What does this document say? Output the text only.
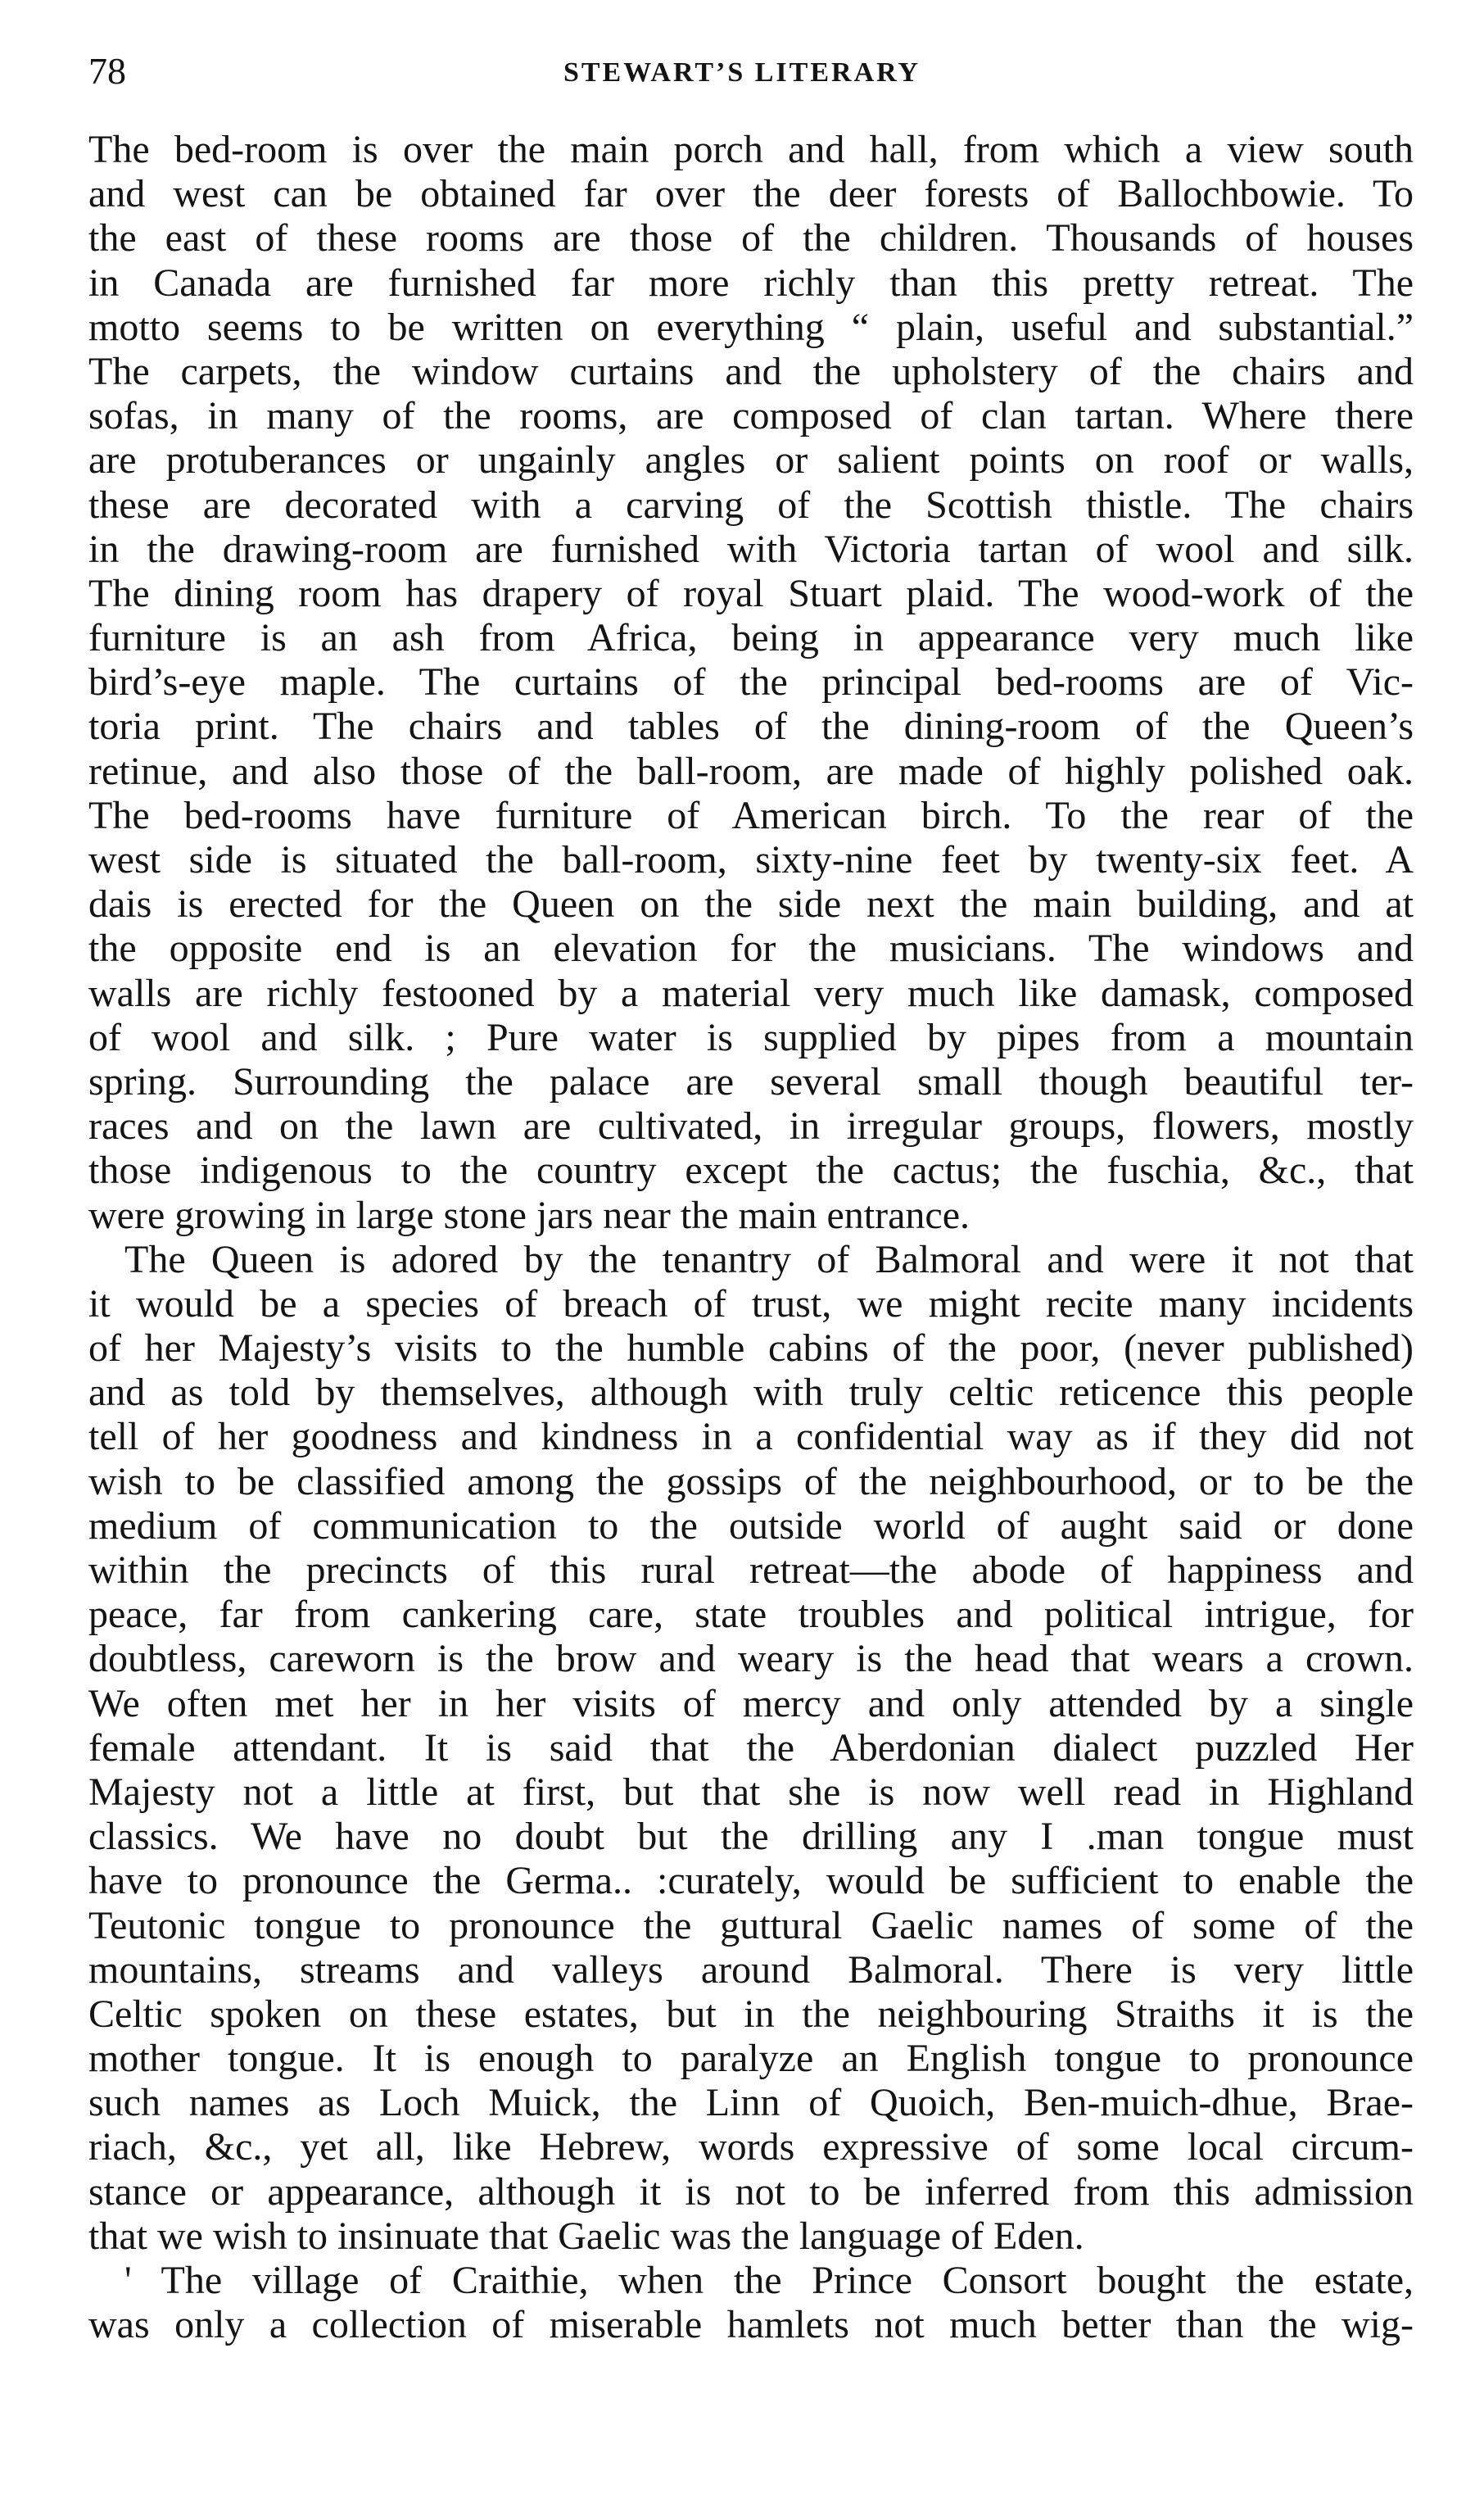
78	STEWART’S LITERARY
The bed-room is over the main porch and hall, from which a view south
and west can be obtained far over the deer forests of Ballochbowie. To
the east of these rooms are those of the children. Thousands of houses
in Canada are furnished far more richly than this pretty retreat. The
motto seems to be written on everything “ plain, useful and substantial.”
The carpets, the window curtains and the upholstery of the chairs and
sofas, in many of the rooms, are composed of clan tartan. Where there
are protuberances or ungainly angles or salient points on roof or walls,
these are decorated with a carving of the Scottish thistle. The chairs
in the drawing-room are furnished with Victoria tartan of wool and silk.
The dining room has drapery of royal Stuart plaid. The wood-work of the
furniture is an ash from Africa, being in appearance very much like
bird’s-eye maple. The curtains of the principal bed-rooms are of Vic-
toria print. The chairs and tables of the dining-room of the Queen’s
retinue, and also those of the ball-room, are made of highly polished oak.
The bed-rooms have furniture of American birch. To the rear of the
west side is situated the ball-room, sixty-nine feet by twenty-six feet. A
dais is erected for the Queen on the side next the main building, and at
the opposite end is an elevation for the musicians. The windows and
walls are richly festooned by a material very much like damask, composed
of wool and silk. ; Pure water is supplied by pipes from a mountain
spring. Surrounding the palace are several small though beautiful ter-
races and on the lawn are cultivated, in irregular groups, flowers, mostly
those indigenous to the country except the cactus; the fuschia, &c., that
were growing in large stone jars near the main entrance.
The Queen is adored by the tenantry of Balmoral and were it not that
it would be a species of breach of trust, we might recite many incidents
of her Majesty’s visits to the humble cabins of the poor, (never published)
and as told by themselves, although with truly celtic reticence this people
tell of her goodness and kindness in a confidential way as if they did not
wish to be classified among the gossips of the neighbourhood, or to be the
medium of communication to the outside world of aught said or done
within the precincts of this rural retreat—the abode of happiness and
peace, far from cankering care, state troubles and political intrigue, for
doubtless, careworn is the brow and weary is the head that wears a crown.
We often met her in her visits of mercy and only attended by a single
female attendant. It is said that the Aberdonian dialect puzzled Her
Majesty not a little at first, but that she is now well read in Highland
classics. We have no doubt but the drilling any I .man tongue must
have to pronounce the Germa.. :curately, would be sufficient to enable the
Teutonic tongue to pronounce the guttural Gaelic names of some of the
mountains, streams and valleys around Balmoral. There is very little
Celtic spoken on these estates, but in the neighbouring Straiths it is the
mother tongue. It is enough to paralyze an English tongue to pronounce
such names as Loch Muick, the Linn of Quoich, Ben-muich-dhue, Brae-
riach, &c., yet all, like Hebrew, words expressive of some local circum-
stance or appearance, although it is not to be inferred from this admission
that we wish to insinuate that Gaelic was the language of Eden.
' The village of Craithie, when the Prince Consort bought the estate,
was only a collection of miserable hamlets not much better than the wig-
